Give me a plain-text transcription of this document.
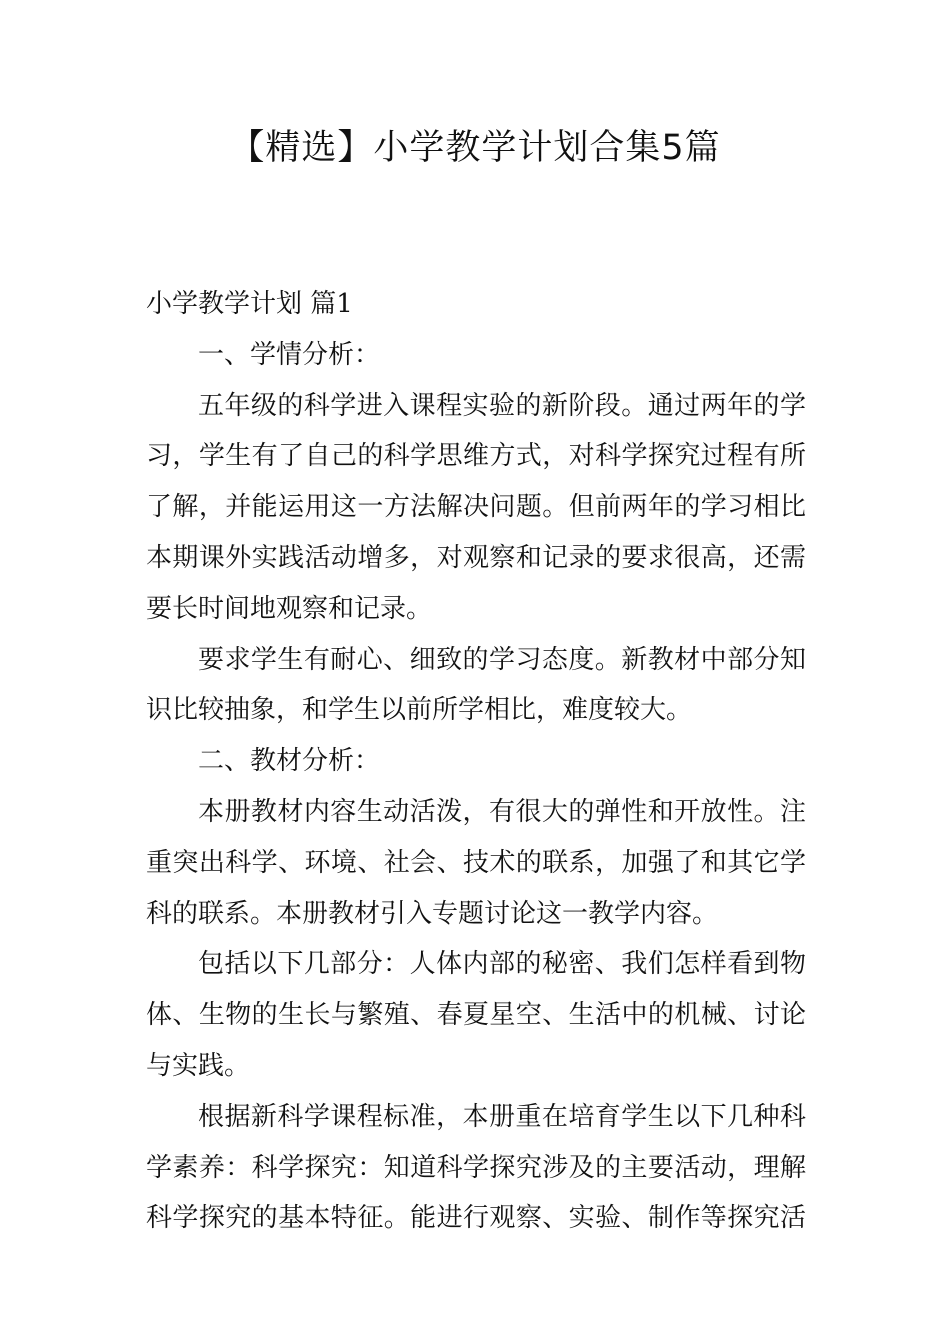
【精选】小学教学计划合集5篇

小学教学计划 篇1

一、学情分析：

五年级的科学进入课程实验的新阶段。通过两年的学

习，学生有了自己的科学思维方式，对科学探究过程有所

了解，并能运用这一方法解决问题。但前两年的学习相比

本期课外实践活动增多，对观察和记录的要求很高，还需

要长时间地观察和记录。

要求学生有耐心、细致的学习态度。新教材中部分知

识比较抽象，和学生以前所学相比，难度较大。

二、教材分析：

本册教材内容生动活泼，有很大的弹性和开放性。注

重突出科学、环境、社会、技术的联系，加强了和其它学

科的联系。本册教材引入专题讨论这一教学内容。

包括以下几部分：人体内部的秘密、我们怎样看到物

体、生物的生长与繁殖、春夏星空、生活中的机械、讨论

与实践。

根据新科学课程标准，本册重在培育学生以下几种科

学素养：科学探究：知道科学探究涉及的主要活动，理解

科学探究的基本特征。能进行观察、实验、制作等探究活
